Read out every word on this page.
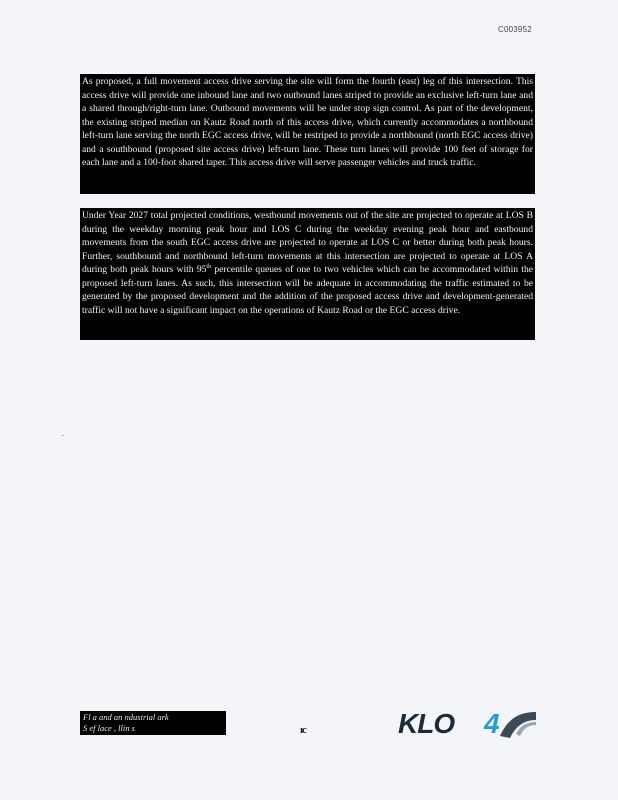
C003952
As proposed, a full movement access drive serving the site will form the fourth (east) leg of this intersection. This access drive will provide one inbound lane and two outbound lanes striped to provide an exclusive left-turn lane and a shared through/right-turn lane. Outbound movements will be under stop sign control. As part of the development, the existing striped median on Kautz Road north of this access drive, which currently accommodates a northbound left-turn lane serving the north EGC access drive, will be restriped to provide a northbound (north EGC access drive) and a southbound (proposed site access drive) left-turn lane. These turn lanes will provide 100 feet of storage for each lane and a 100-foot shared taper. This access drive will serve passenger vehicles and truck traffic.
Under Year 2027 total projected conditions, westbound movements out of the site are projected to operate at LOS B during the weekday morning peak hour and LOS C during the weekday evening peak hour and eastbound movements from the south EGC access drive are projected to operate at LOS C or better during both peak hours. Further, southbound and northbound left-turn movements at this intersection are projected to operate at LOS A during both peak hours with 95th percentile queues of one to two vehicles which can be accommodated within the proposed left-turn lanes. As such, this intersection will be adequate in accommodating the traffic estimated to be generated by the proposed development and the addition of the proposed access drive and development-generated traffic will not have a significant impact on the operations of Kautz Road or the EGC access drive.
Fl a and an ndustrial ark
S ef lace , llin s	ıc	KLO 4
